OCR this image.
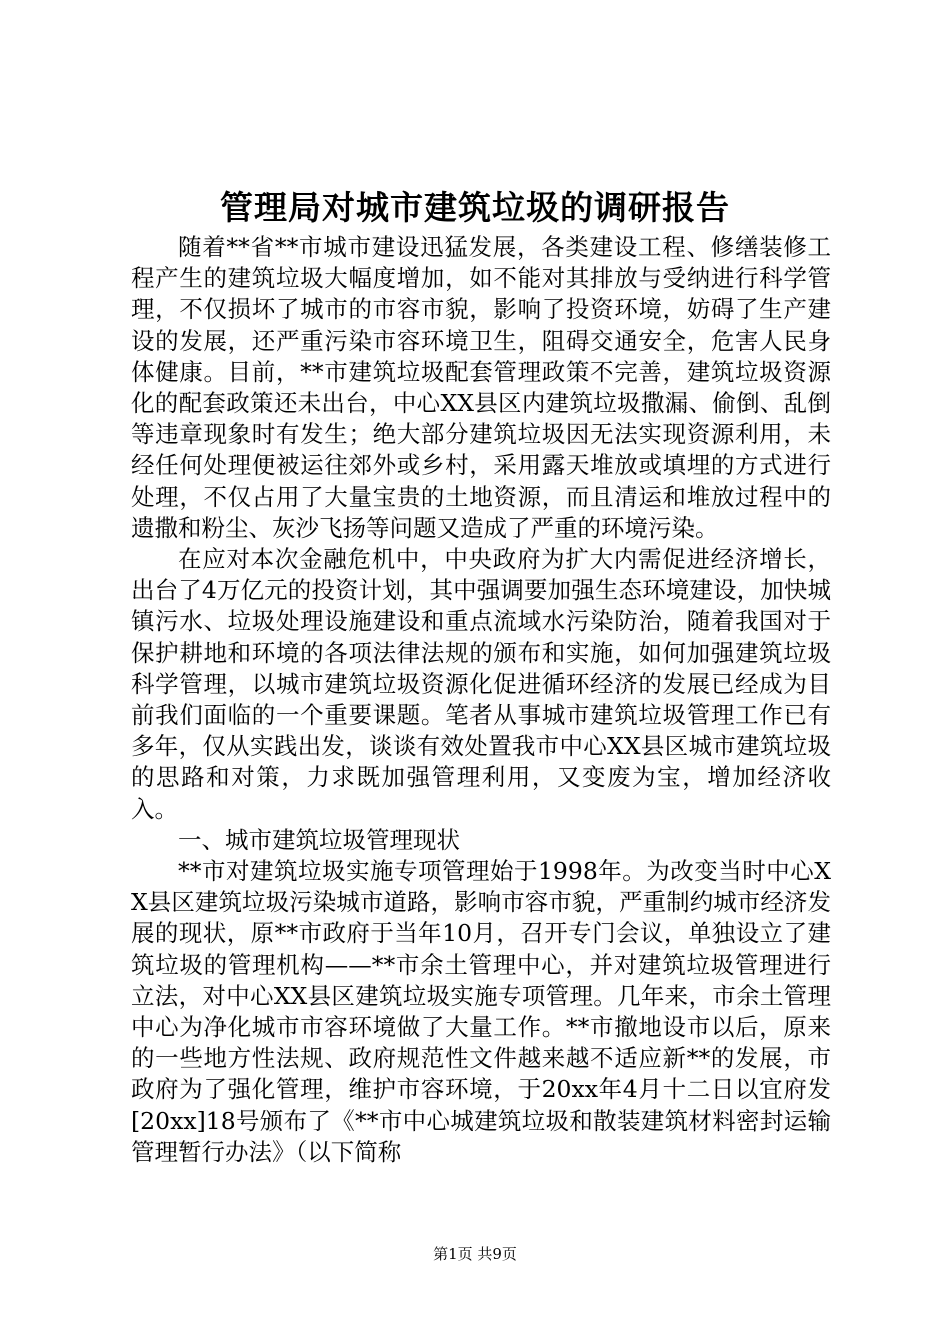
管理局对城市建筑垃圾的调研报告

随着**省**市城市建设迅猛发展，各类建设工程、修缮装修工程产生的建筑垃圾大幅度增加，如不能对其排放与受纳进行科学管理，不仅损坏了城市的市容市貌，影响了投资环境，妨碍了生产建设的发展，还严重污染市容环境卫生，阻碍交通安全，危害人民身体健康。目前，**市建筑垃圾配套管理政策不完善，建筑垃圾资源化的配套政策还未出台，中心XX县区内建筑垃圾撒漏、偷倒、乱倒等违章现象时有发生；绝大部分建筑垃圾因无法实现资源利用，未经任何处理便被运往郊外或乡村，采用露天堆放或填埋的方式进行处理，不仅占用了大量宝贵的土地资源，而且清运和堆放过程中的遗撒和粉尘、灰沙飞扬等问题又造成了严重的环境污染。

在应对本次金融危机中，中央政府为扩大内需促进经济增长，出台了4万亿元的投资计划，其中强调要加强生态环境建设，加快城镇污水、垃圾处理设施建设和重点流域水污染防治，随着我国对于保护耕地和环境的各项法律法规的颁布和实施，如何加强建筑垃圾科学管理，以城市建筑垃圾资源化促进循环经济的发展已经成为目前我们面临的一个重要课题。笔者从事城市建筑垃圾管理工作已有多年，仅从实践出发，谈谈有效处置我市中心XX县区城市建筑垃圾的思路和对策，力求既加强管理利用，又变废为宝，增加经济收入。

一、城市建筑垃圾管理现状

**市对建筑垃圾实施专项管理始于1998年。为改变当时中心XX县区建筑垃圾污染城市道路，影响市容市貌，严重制约城市经济发展的现状，原**市政府于当年10月，召开专门会议，单独设立了建筑垃圾的管理机构——**市余土管理中心，并对建筑垃圾管理进行立法，对中心XX县区建筑垃圾实施专项管理。几年来，市余土管理中心为净化城市市容环境做了大量工作。**市撤地设市以后，原来的一些地方性法规、政府规范性文件越来越不适应新**的发展，市政府为了强化管理，维护市容环境，于20xx年4月十二日以宜府发[20xx]18号颁布了《**市中心城建筑垃圾和散装建筑材料密封运输管理暂行办法》（以下简称

第1页 共9页
